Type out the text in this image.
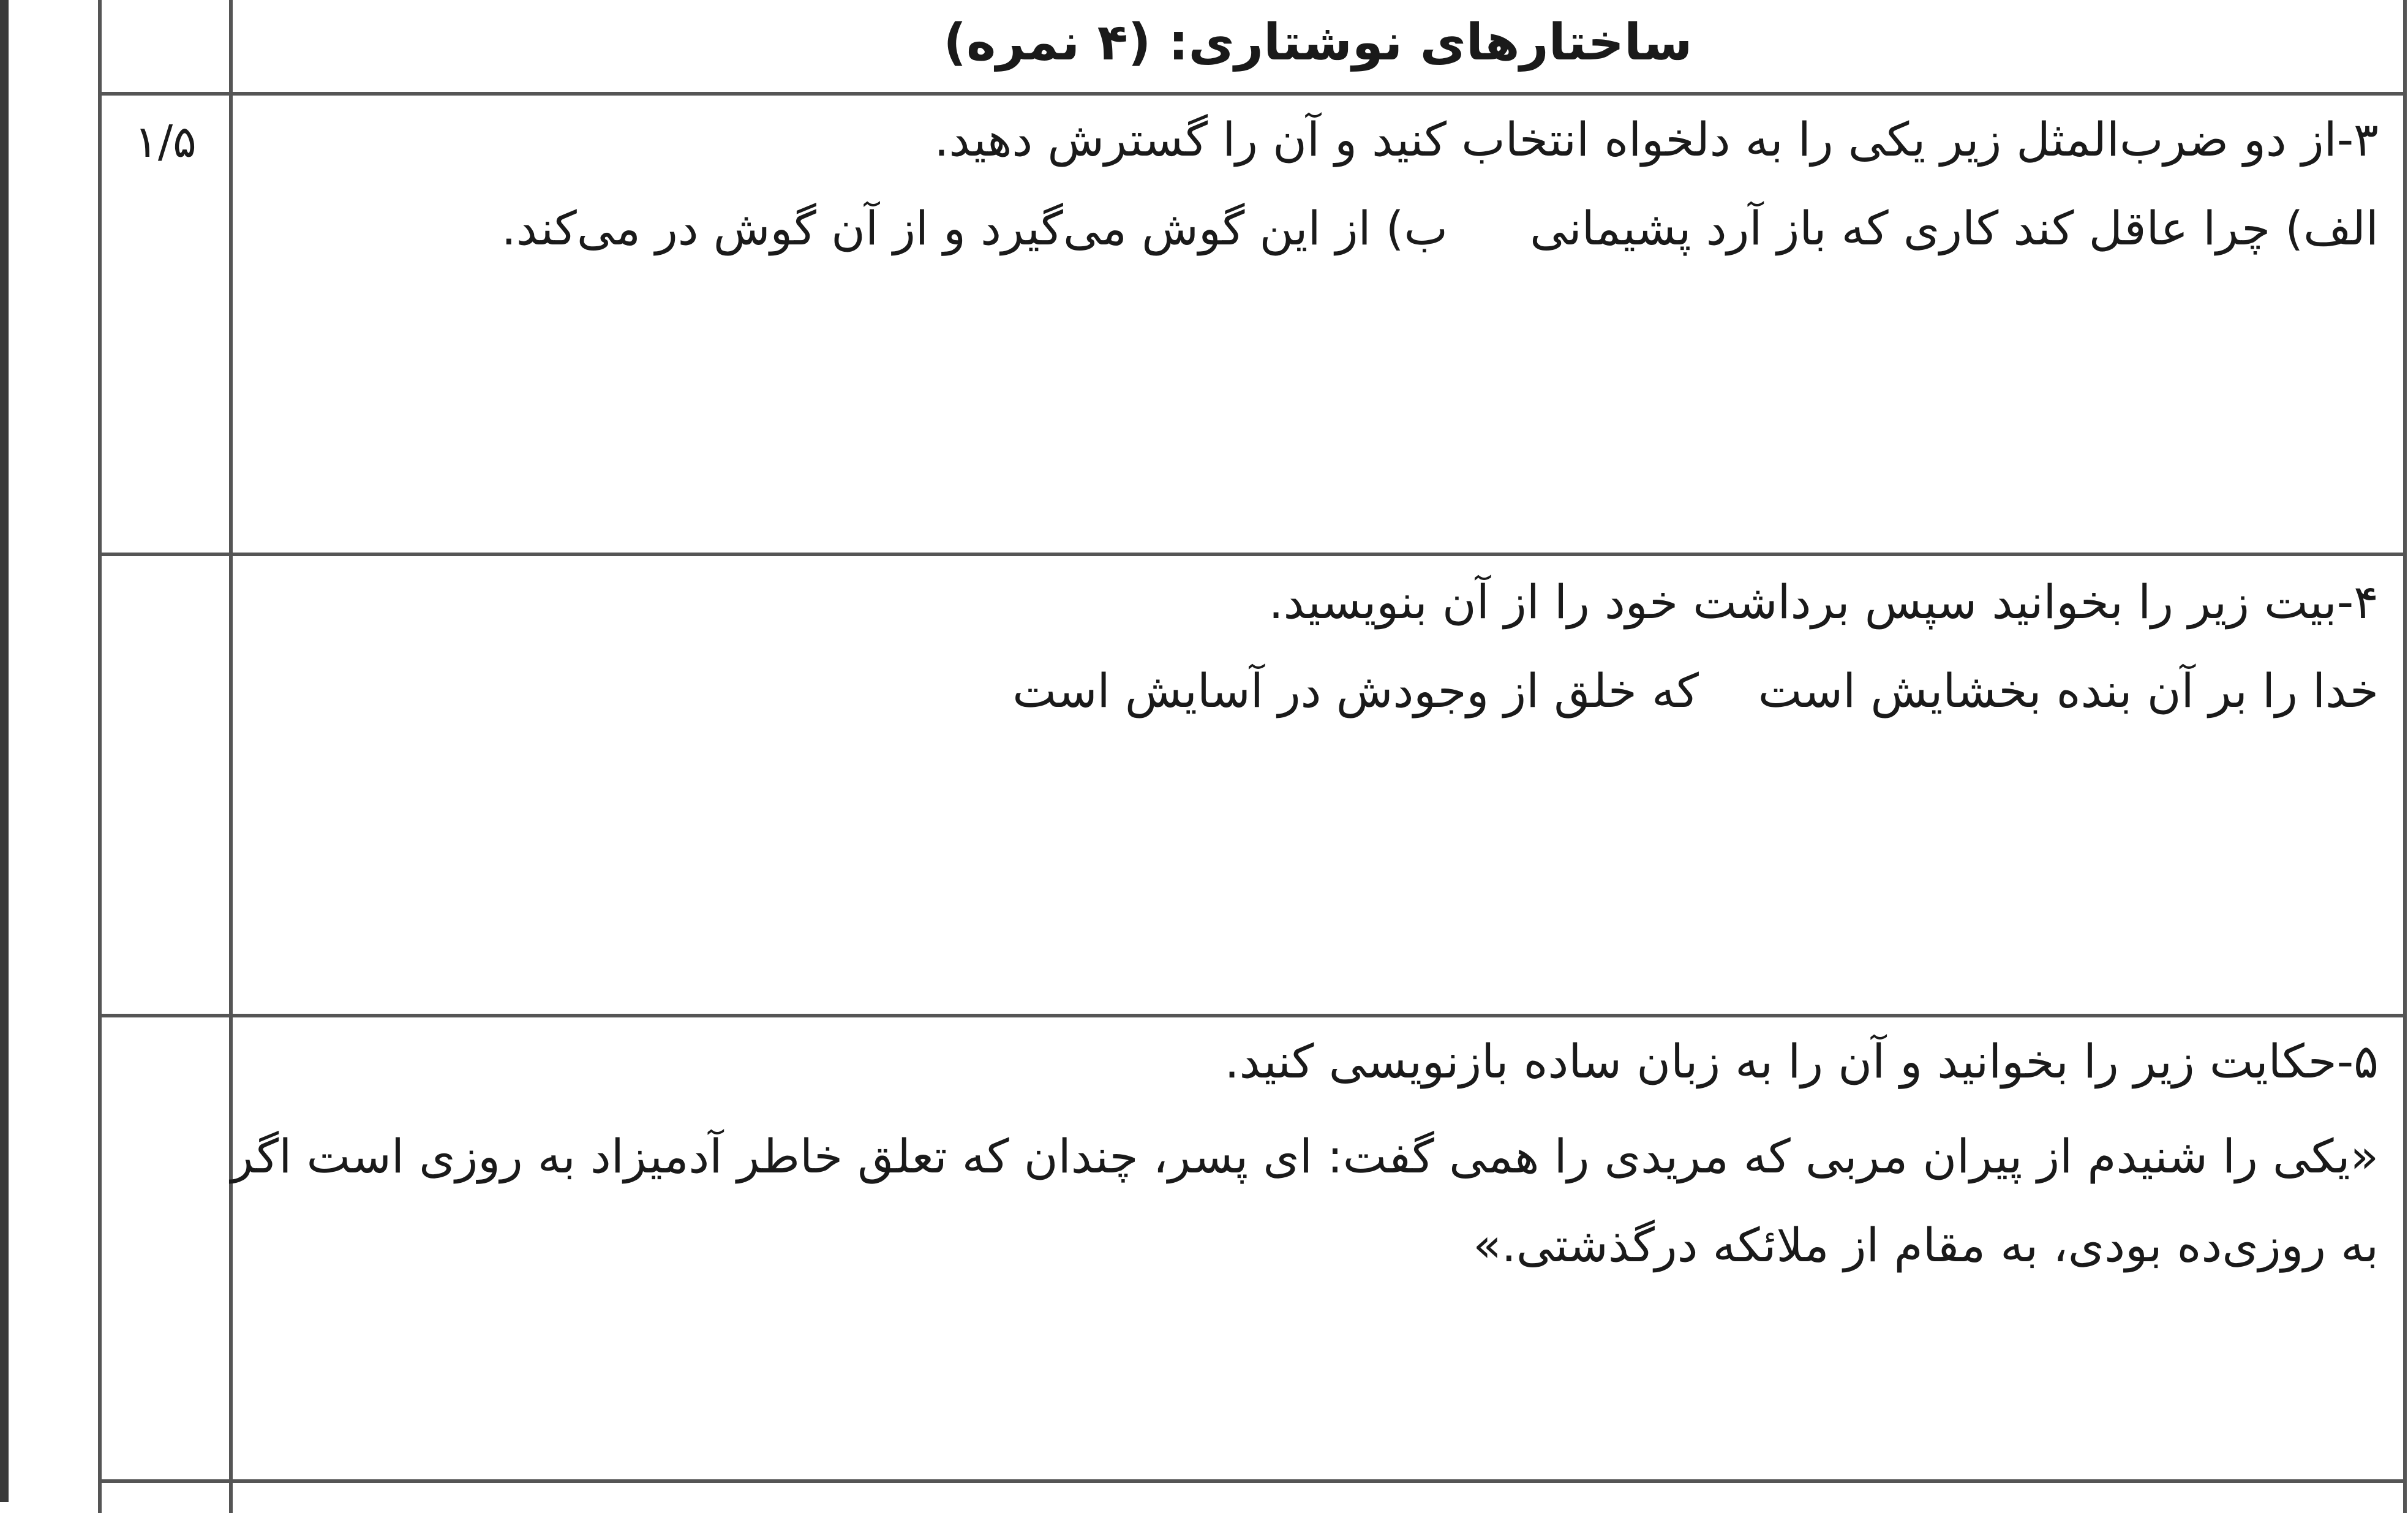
ساختارهای نوشتاری: (۴ نمره)
۱/۵	۳-از دو ضرب‌المثل زیر یکی را به دلخواه انتخاب کنید و آن را گسترش دهید.
الف) چرا عاقل کند کاری که باز آرد پشیمانی
ب) از این گوش می‌گیرد و از آن گوش در می‌کند.
۴-بیت زیر را بخوانید سپس برداشت خود را از آن بنویسید.
خدا را بر آن بنده بخشایش است
که خلق از وجودش در آسایش است
۵-حکایت زیر را بخوانید و آن را به زبان ساده بازنویسی کنید.
«یکی را شنیدم از پیران مربی که مریدی را همی گفت: ای پسر، چندان که تعلق خاطر آدمیزاد به روزی است اگر
به روزی‌ده بودی، به مقام از ملائکه درگذشتی.»
